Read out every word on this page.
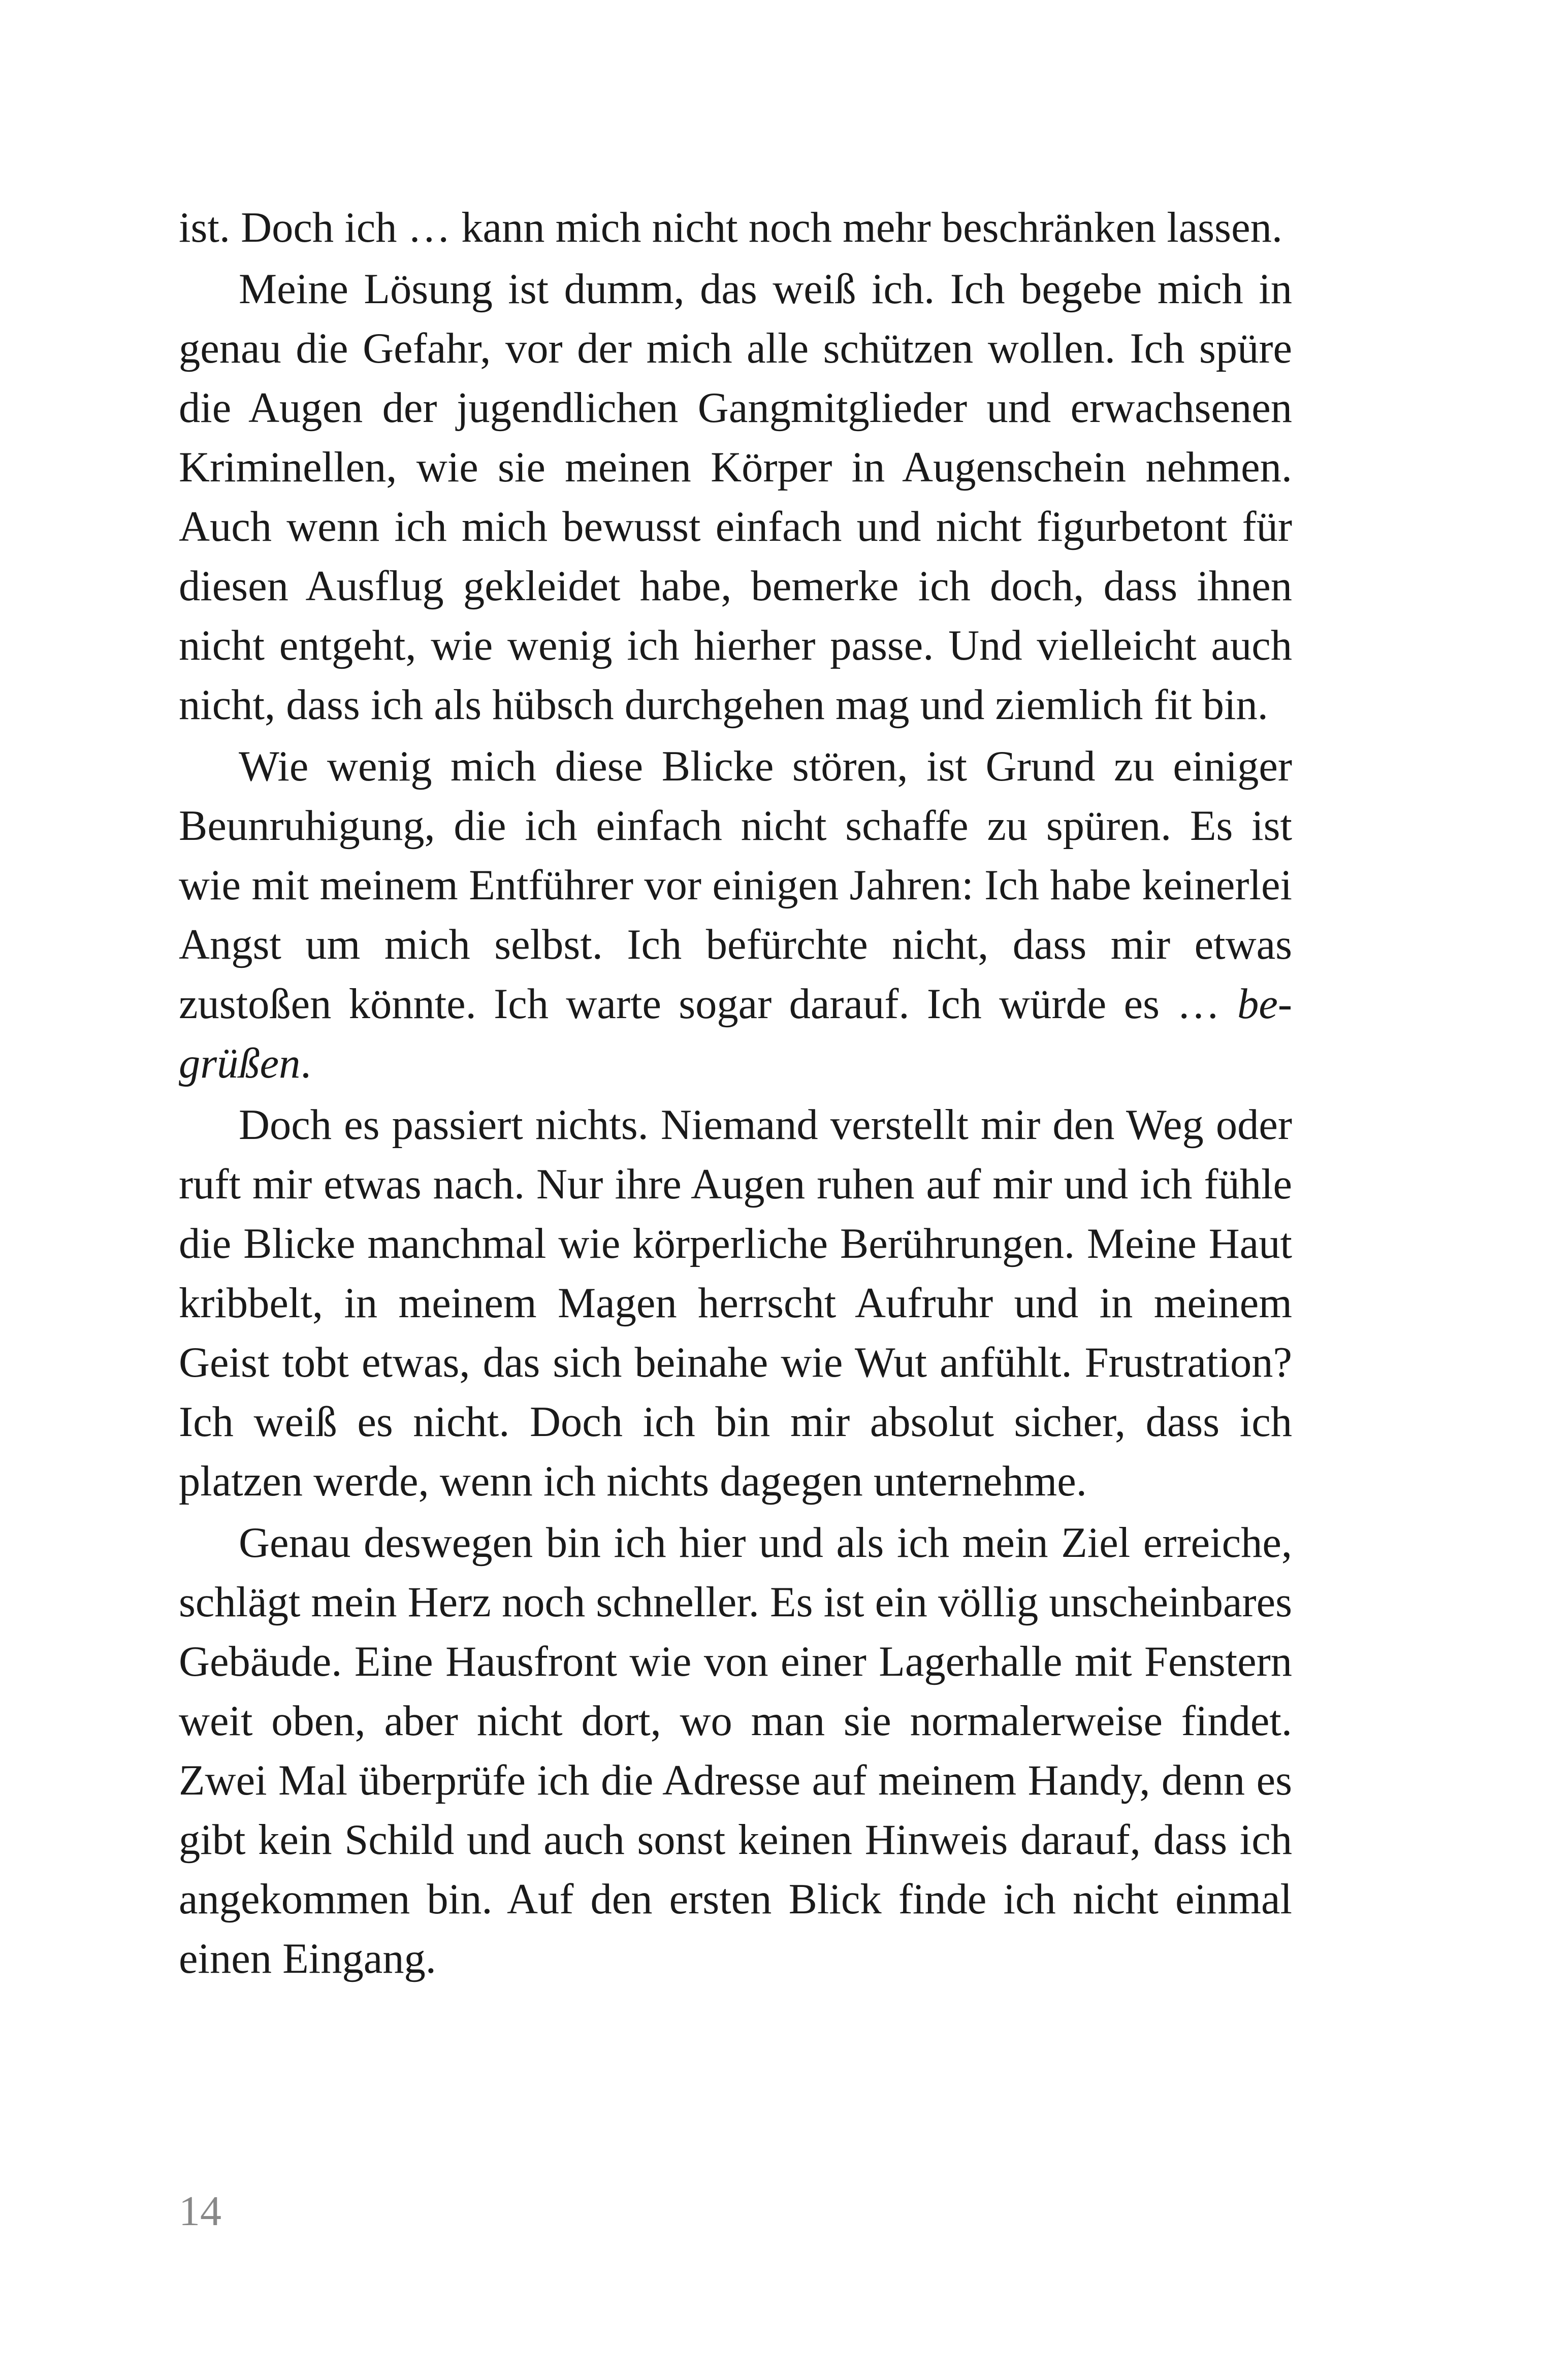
ist. Doch ich … kann mich nicht noch mehr beschränken lassen.

Meine Lösung ist dumm, das weiß ich. Ich begebe mich in genau die Gefahr, vor der mich alle schützen wollen. Ich spüre die Augen der jugendlichen Gangmitglieder und erwachsenen Kriminellen, wie sie meinen Körper in Augenschein nehmen. Auch wenn ich mich bewusst einfach und nicht figurbetont für diesen Ausflug gekleidet habe, bemerke ich doch, dass ihnen nicht entgeht, wie wenig ich hierher passe. Und vielleicht auch nicht, dass ich als hübsch durchgehen mag und ziemlich fit bin.

Wie wenig mich diese Blicke stören, ist Grund zu einiger Beunruhigung, die ich einfach nicht schaffe zu spüren. Es ist wie mit meinem Entführer vor einigen Jahren: Ich habe keinerlei Angst um mich selbst. Ich befürchte nicht, dass mir etwas zustoßen könnte. Ich warte sogar darauf. Ich würde es … begrüßen.

Doch es passiert nichts. Niemand verstellt mir den Weg oder ruft mir etwas nach. Nur ihre Augen ruhen auf mir und ich fühle die Blicke manchmal wie körperliche Berührungen. Meine Haut kribbelt, in meinem Magen herrscht Aufruhr und in meinem Geist tobt etwas, das sich beinahe wie Wut anfühlt. Frustration? Ich weiß es nicht. Doch ich bin mir absolut sicher, dass ich platzen werde, wenn ich nichts dagegen unternehme.

Genau deswegen bin ich hier und als ich mein Ziel erreiche, schlägt mein Herz noch schneller. Es ist ein völlig unscheinbares Gebäude. Eine Hausfront wie von einer Lagerhalle mit Fenstern weit oben, aber nicht dort, wo man sie normalerweise findet. Zwei Mal überprüfe ich die Adresse auf meinem Handy, denn es gibt kein Schild und auch sonst keinen Hinweis darauf, dass ich angekommen bin. Auf den ersten Blick finde ich nicht einmal einen Eingang.

14
